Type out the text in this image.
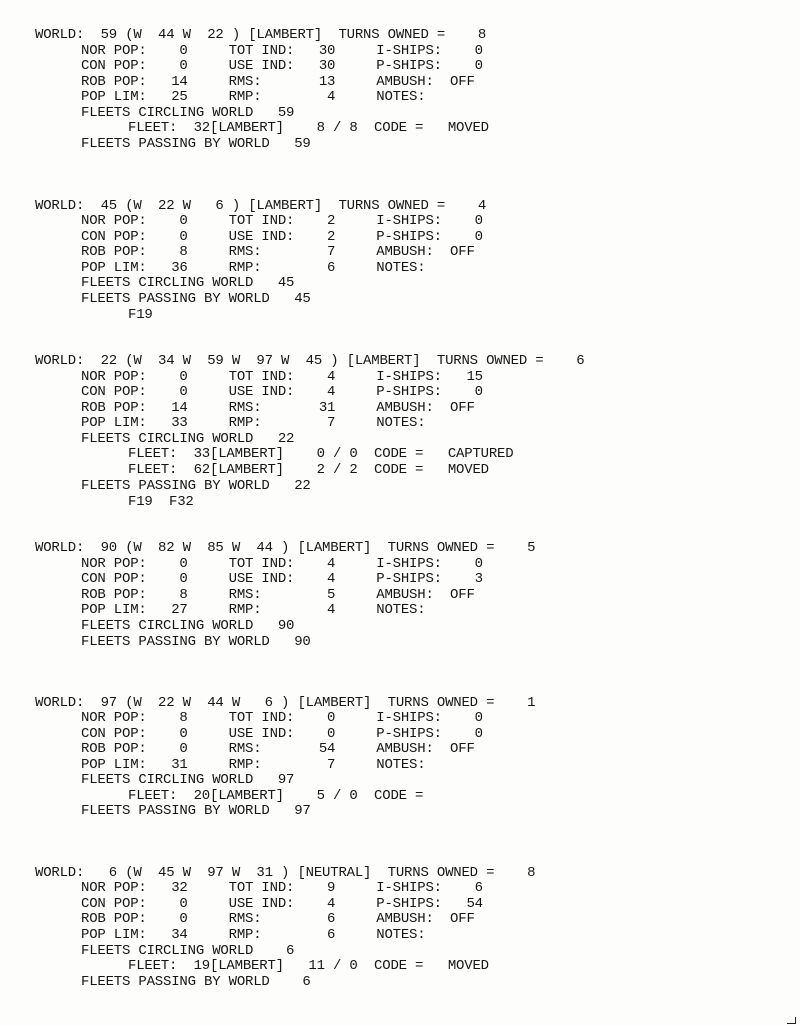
WORLD:  59 (W  44 W  22 ) [LAMBERT]  TURNS OWNED =    8
NOR POP:    0     TOT IND:   30     I-SHIPS:    0
CON POP:    0     USE IND:   30     P-SHIPS:    0
ROB POP:   14     RMS:       13     AMBUSH:  OFF
POP LIM:   25     RMP:        4     NOTES:
FLEETS CIRCLING WORLD   59
FLEET:  32[LAMBERT]    8 / 8  CODE =   MOVED
FLEETS PASSING BY WORLD   59
WORLD:  45 (W  22 W   6 ) [LAMBERT]  TURNS OWNED =    4
NOR POP:    0     TOT IND:    2     I-SHIPS:    0
CON POP:    0     USE IND:    2     P-SHIPS:    0
ROB POP:    8     RMS:        7     AMBUSH:  OFF
POP LIM:   36     RMP:        6     NOTES:
FLEETS CIRCLING WORLD   45
FLEETS PASSING BY WORLD   45
F19
WORLD:  22 (W  34 W  59 W  97 W  45 ) [LAMBERT]  TURNS OWNED =    6
NOR POP:    0     TOT IND:    4     I-SHIPS:   15
CON POP:    0     USE IND:    4     P-SHIPS:    0
ROB POP:   14     RMS:       31     AMBUSH:  OFF
POP LIM:   33     RMP:        7     NOTES:
FLEETS CIRCLING WORLD   22
FLEET:  33[LAMBERT]    0 / 0  CODE =   CAPTURED
FLEET:  62[LAMBERT]    2 / 2  CODE =   MOVED
FLEETS PASSING BY WORLD   22
F19  F32
WORLD:  90 (W  82 W  85 W  44 ) [LAMBERT]  TURNS OWNED =    5
NOR POP:    0     TOT IND:    4     I-SHIPS:    0
CON POP:    0     USE IND:    4     P-SHIPS:    3
ROB POP:    8     RMS:        5     AMBUSH:  OFF
POP LIM:   27     RMP:        4     NOTES:
FLEETS CIRCLING WORLD   90
FLEETS PASSING BY WORLD   90
WORLD:  97 (W  22 W  44 W   6 ) [LAMBERT]  TURNS OWNED =    1
NOR POP:    8     TOT IND:    0     I-SHIPS:    0
CON POP:    0     USE IND:    0     P-SHIPS:    0
ROB POP:    0     RMS:       54     AMBUSH:  OFF
POP LIM:   31     RMP:        7     NOTES:
FLEETS CIRCLING WORLD   97
FLEET:  20[LAMBERT]    5 / 0  CODE =
FLEETS PASSING BY WORLD   97
WORLD:   6 (W  45 W  97 W  31 ) [NEUTRAL]  TURNS OWNED =    8
NOR POP:   32     TOT IND:    9     I-SHIPS:    6
CON POP:    0     USE IND:    4     P-SHIPS:   54
ROB POP:    0     RMS:        6     AMBUSH:  OFF
POP LIM:   34     RMP:        6     NOTES:
FLEETS CIRCLING WORLD    6
FLEET:  19[LAMBERT]   11 / 0  CODE =   MOVED
FLEETS PASSING BY WORLD    6
